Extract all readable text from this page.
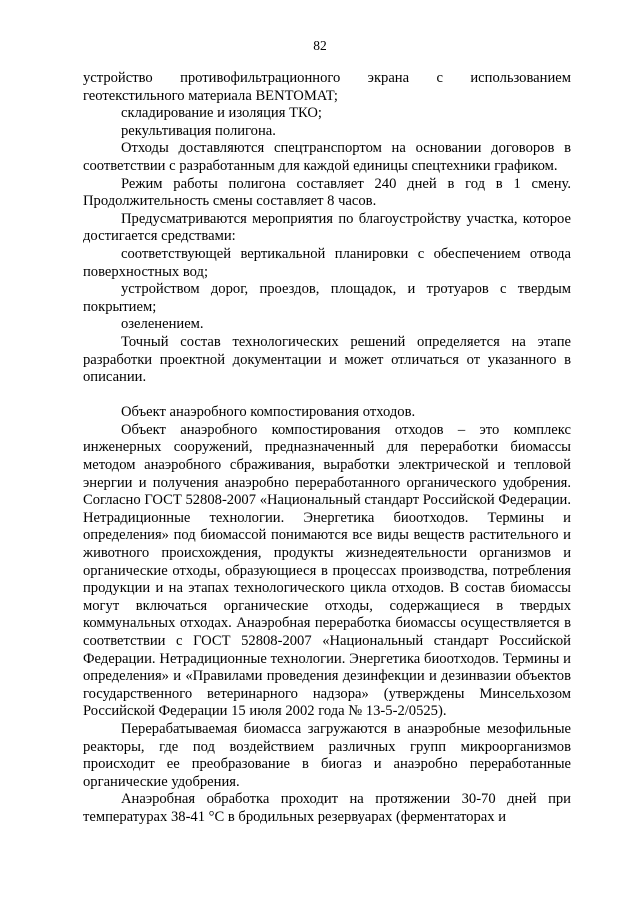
82

устройство противофильтрационного экрана с использованием геотекстильного материала BENTOMAT;

складирование и изоляция ТКО;

рекультивация полигона.

Отходы доставляются спецтранспортом на основании договоров в соответствии с разработанным для каждой единицы спецтехники графиком.

Режим работы полигона составляет 240 дней в год в 1 смену. Продолжительность смены составляет 8 часов.

Предусматриваются мероприятия по благоустройству участка, которое достигается средствами:

соответствующей вертикальной планировки с обеспечением отвода поверхностных вод;

устройством дорог, проездов, площадок, и тротуаров с твердым покрытием;

озеленением.

Точный состав технологических решений определяется на этапе разработки проектной документации и может отличаться от указанного в описании.

Объект анаэробного компостирования отходов.

Объект анаэробного компостирования отходов – это комплекс инженерных сооружений, предназначенный для переработки биомассы методом анаэробного сбраживания, выработки электрической и тепловой энергии и получения анаэробно переработанного органического удобрения. Согласно ГОСТ 52808-2007 «Национальный стандарт Российской Федерации. Нетрадиционные технологии. Энергетика биоотходов. Термины и определения» под биомассой понимаются все виды веществ растительного и животного происхождения, продукты жизнедеятельности организмов и органические отходы, образующиеся в процессах производства, потребления продукции и на этапах технологического цикла отходов. В состав биомассы могут включаться органические отходы, содержащиеся в твердых коммунальных отходах. Анаэробная переработка биомассы осуществляется в соответствии с ГОСТ 52808-2007 «Национальный стандарт Российской Федерации. Нетрадиционные технологии. Энергетика биоотходов. Термины и определения» и «Правилами проведения дезинфекции и дезинвазии объектов государственного ветеринарного надзора» (утверждены Минсельхозом Российской Федерации 15 июля 2002 года № 13-5-2/0525).

Перерабатываемая биомасса загружаются в анаэробные мезофильные реакторы, где под воздействием различных групп микроорганизмов происходит ее преобразование в биогаз и анаэробно переработанные органические удобрения.

Анаэробная обработка проходит на протяжении 30-70 дней при температурах 38-41 °С в бродильных резервуарах (ферментаторах и
